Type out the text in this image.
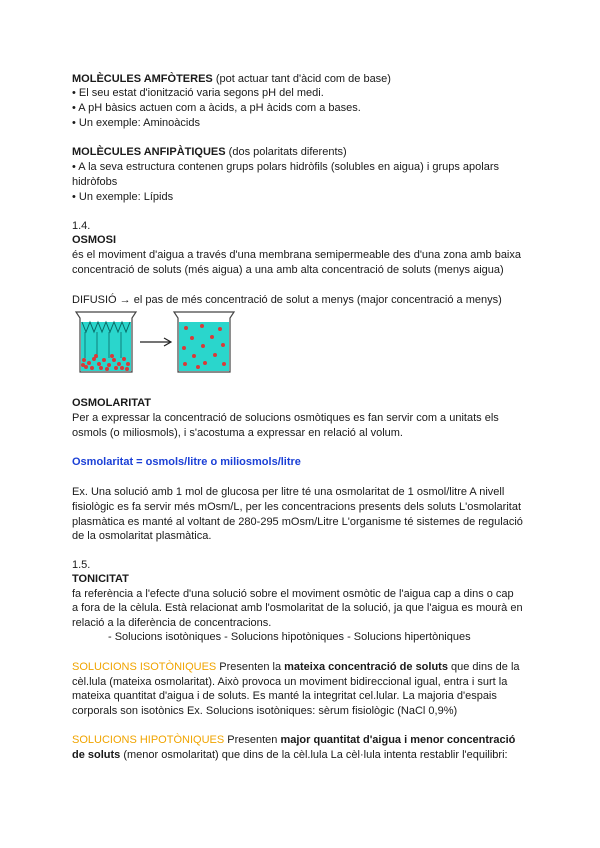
MOLÈCULES AMFÒTERES (pot actuar tant d'àcid com de base)
• El seu estat d'ionització varia segons pH del medi.
• A pH bàsics actuen com a àcids, a pH àcids com a bases.
• Un exemple: Aminoàcids
MOLÈCULES ANFIPÀTIQUES (dos polaritats diferents)
• A la seva estructura contenen grups polars hidròfils (solubles en aigua) i grups apolars
hidròfobs
• Un exemple: Lípids
1.4.
OSMOSI
és el moviment d'aigua a través d'una membrana semipermeable des d'una zona amb baixa
concentració de soluts (més aigua) a una amb alta concentració de soluts (menys aigua)
DIFUSIÓ → el pas de més concentració de solut a menys (major concentració a menys)
OSMOLARITAT
Per a expressar la concentració de solucions osmòtiques es fan servir com a unitats els
osmols (o miliosmols), i s'acostuma a expressar en relació al volum.
Osmolaritat = osmols/litre o miliosmols/litre
Ex. Una solució amb 1 mol de glucosa per litre té una osmolaritat de 1 osmol/litre A nivell
fisiològic es fa servir més mOsm/L, per les concentracions presents dels soluts L'osmolaritat
plasmàtica es manté al voltant de 280-295 mOsm/Litre L'organisme té sistemes de regulació
de la osmolaritat plasmàtica.
1.5.
TONICITAT
fa referència a l'efecte d'una solució sobre el moviment osmòtic de l'aigua cap a dins o cap
a fora de la cèlula. Està relacionat amb l'osmolaritat de la solució, ja que l'aigua es mourà en
relació a la diferència de concentracions.
- Solucions isotòniques - Solucions hipotòniques - Solucions hipertòniques
SOLUCIONS ISOTÒNIQUES Presenten la mateixa concentració de soluts que dins de la
cèl.lula (mateixa osmolaritat). Això provoca un moviment bidireccional igual, entra i surt la
mateixa quantitat d'aigua i de soluts. Es manté la integritat cel.lular. La majoria d'espais
corporals son isotònics Ex. Solucions isotòniques: sèrum fisiològic (NaCl 0,9%)
SOLUCIONS HIPOTÒNIQUES Presenten major quantitat d'aigua i menor concentració
de soluts (menor osmolaritat) que dins de la cèl.lula La cèl·lula intenta restablir l'equilibri:
